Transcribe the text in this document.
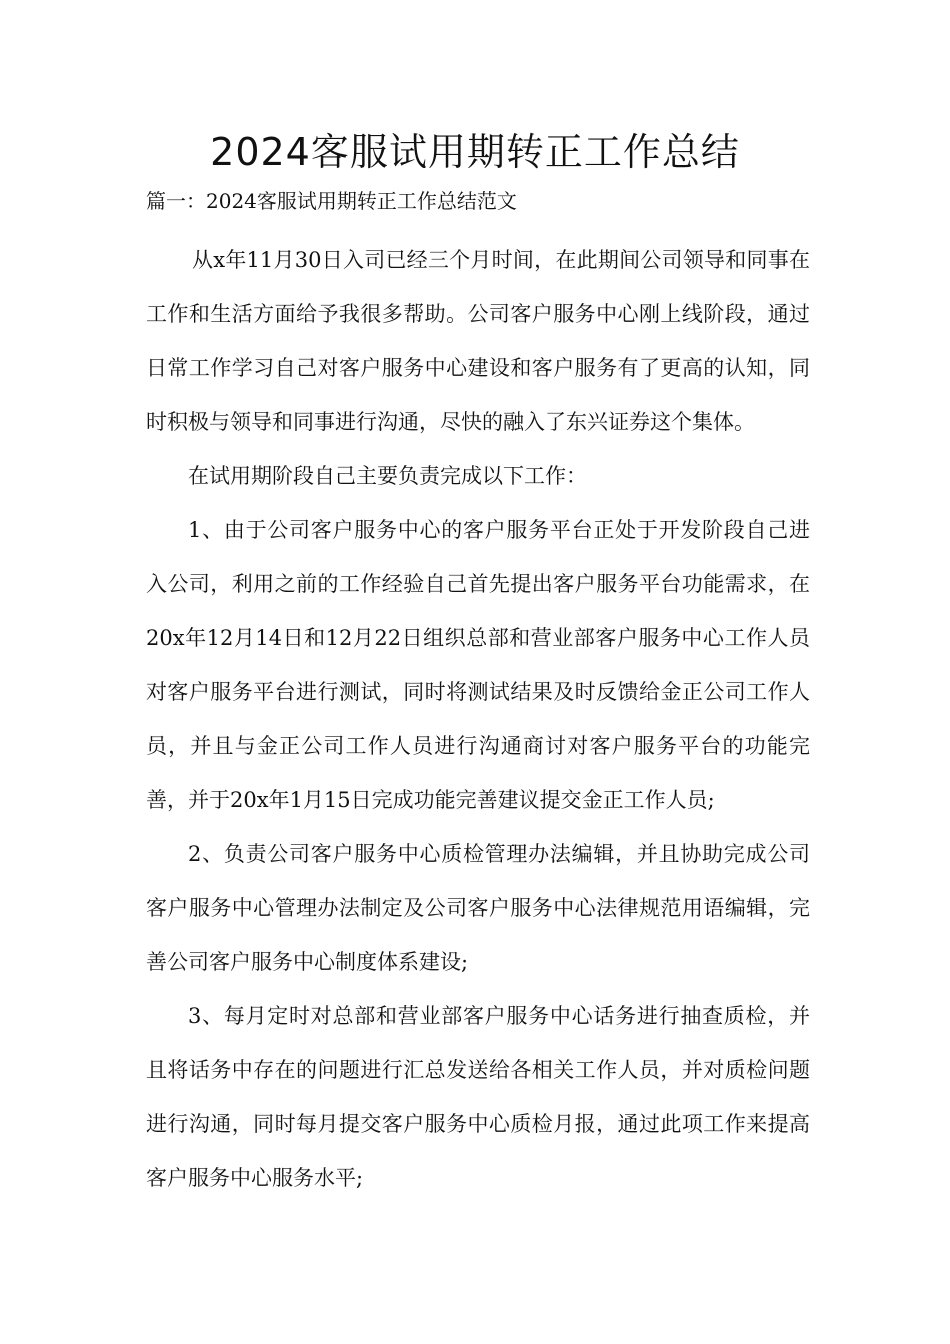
2024客服试用期转正工作总结

篇一：2024客服试用期转正工作总结范文

从x年11月30日入司已经三个月时间，在此期间公司领导和同事在工作和生活方面给予我很多帮助。公司客户服务中心刚上线阶段，通过日常工作学习自己对客户服务中心建设和客户服务有了更高的认知，同时积极与领导和同事进行沟通，尽快的融入了东兴证券这个集体。

在试用期阶段自己主要负责完成以下工作：

1、由于公司客户服务中心的客户服务平台正处于开发阶段自己进入公司，利用之前的工作经验自己首先提出客户服务平台功能需求，在20x年12月14日和12月22日组织总部和营业部客户服务中心工作人员对客户服务平台进行测试，同时将测试结果及时反馈给金正公司工作人员，并且与金正公司工作人员进行沟通商讨对客户服务平台的功能完善，并于20x年1月15日完成功能完善建议提交金正工作人员;

2、负责公司客户服务中心质检管理办法编辑，并且协助完成公司客户服务中心管理办法制定及公司客户服务中心法律规范用语编辑，完善公司客户服务中心制度体系建设;

3、每月定时对总部和营业部客户服务中心话务进行抽查质检，并且将话务中存在的问题进行汇总发送给各相关工作人员，并对质检问题进行沟通，同时每月提交客户服务中心质检月报，通过此项工作来提高客户服务中心服务水平;
